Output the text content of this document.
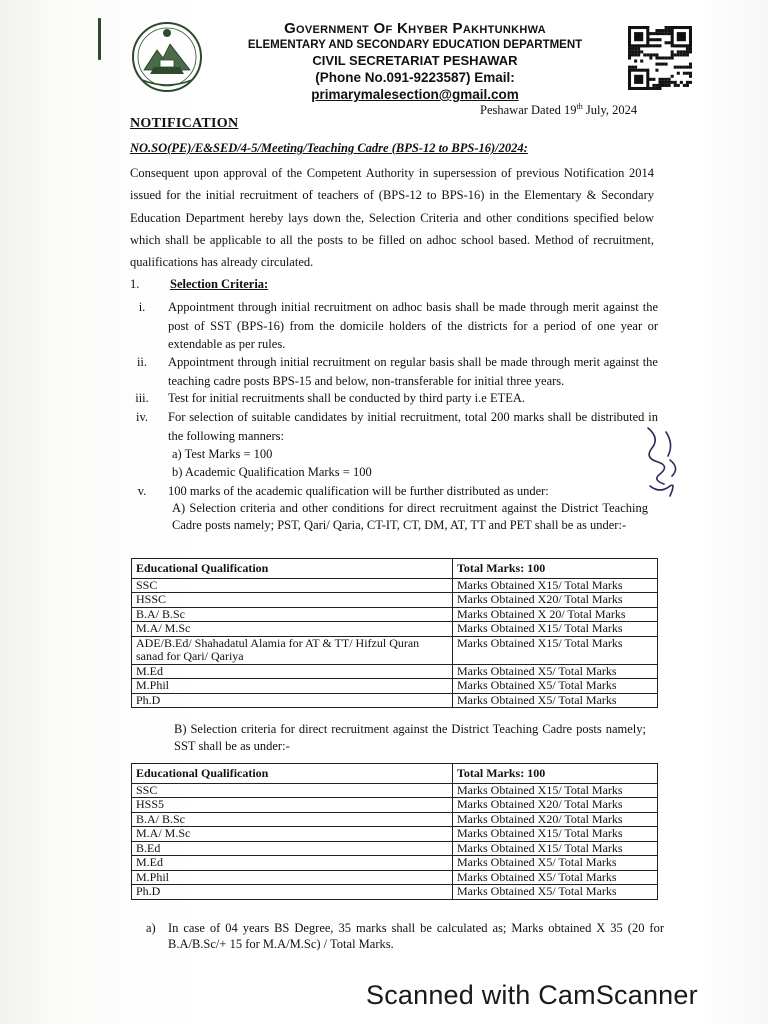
Government Of Khyber Pakhtunkhwa
ELEMENTARY AND SECONDARY EDUCATION DEPARTMENT
CIVIL SECRETARIAT PESHAWAR
(Phone No.091-9223587) Email: primarymalesection@gmail.com
Peshawar Dated 19th July, 2024
NOTIFICATION
NO.SO(PE)/E&SED/4-5/Meeting/Teaching Cadre (BPS-12 to BPS-16)/2024:
Consequent upon approval of the Competent Authority in supersession of previous Notification 2014 issued for the initial recruitment of teachers of (BPS-12 to BPS-16) in the Elementary & Secondary Education Department hereby lays down the, Selection Criteria and other conditions specified below which shall be applicable to all the posts to be filled on adhoc school based. Method of recruitment, qualifications has already circulated.
1. Selection Criteria:
i.	Appointment through initial recruitment on adhoc basis shall be made through merit against the post of SST (BPS-16) from the domicile holders of the districts for a period of one year or extendable as per rules.
ii.	Appointment through initial recruitment on regular basis shall be made through merit against the teaching cadre posts BPS-15 and below, non-transferable for initial three years.
iii.	Test for initial recruitments shall be conducted by third party i.e ETEA.
iv.	For selection of suitable candidates by initial recruitment, total 200 marks shall be distributed in the following manners:
a) Test Marks = 100
b) Academic Qualification Marks = 100
v.	100 marks of the academic qualification will be further distributed as under:
A) Selection criteria and other conditions for direct recruitment against the District Teaching Cadre posts namely; PST, Qari/ Qaria, CT-IT, CT, DM, AT, TT and PET shall be as under:-
Educational Qualification	Total Marks: 100
SSC	Marks Obtained X15/ Total Marks
HSSC	Marks Obtained X20/ Total Marks
B.A/ B.Sc	Marks Obtained X 20/ Total Marks
M.A/ M.Sc	Marks Obtained X15/ Total Marks
ADE/B.Ed/ Shahadatul Alamia for AT & TT/ Hifzul Quran sanad for Qari/ Qariya	Marks Obtained X15/ Total Marks
M.Ed	Marks Obtained X5/ Total Marks
M.Phil	Marks Obtained X5/ Total Marks
Ph.D	Marks Obtained X5/ Total Marks
B) Selection criteria for direct recruitment against the District Teaching Cadre posts namely; SST shall be as under:-
Educational Qualification	Total Marks: 100
SSC	Marks Obtained X15/ Total Marks
HSS5	Marks Obtained X20/ Total Marks
B.A/ B.Sc	Marks Obtained X20/ Total Marks
M.A/ M.Sc	Marks Obtained X15/ Total Marks
B.Ed	Marks Obtained X15/ Total Marks
M.Ed	Marks Obtained X5/ Total Marks
M.Phil	Marks Obtained X5/ Total Marks
Ph.D	Marks Obtained X5/ Total Marks
a) In case of 04 years BS Degree, 35 marks shall be calculated as; Marks obtained X 35 (20 for B.A/B.Sc/+ 15 for M.A/M.Sc) / Total Marks.
Scanned with CamScanner
